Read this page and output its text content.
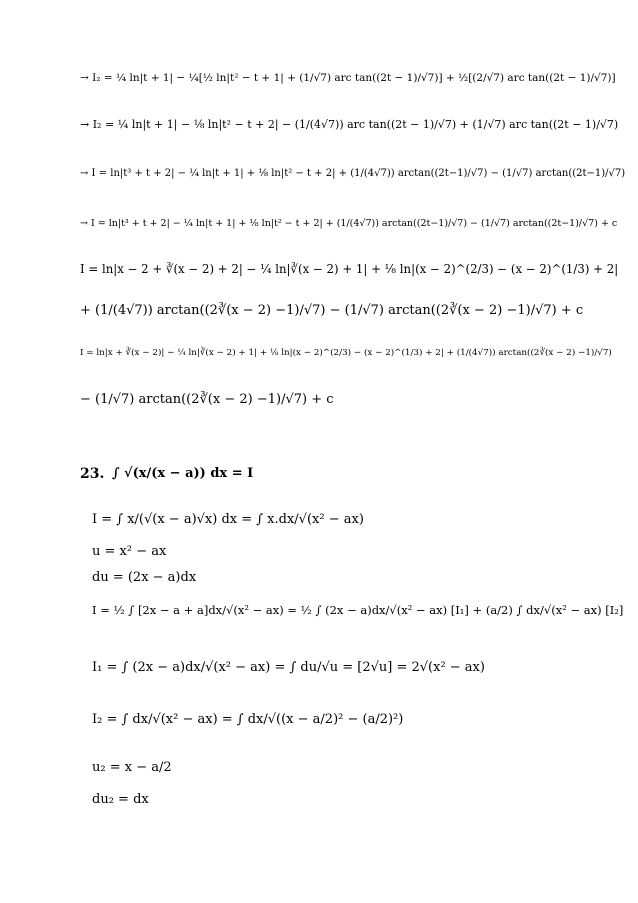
→ I₂ = ¼ ln|t + 1| − ¼[½ ln|t² − t + 1| + (1/√7) arc tan((2t − 1)/√7)] + ½[(2/√7) arc tan((2t − 1)/√7)]
→ I₂ = ¼ ln|t + 1| − ⅛ ln|t² − t + 2| − (1/(4√7)) arc tan((2t − 1)/√7) + (1/√7) arc tan((2t − 1)/√7)
→ I = ln|t³ + t + 2| − ¼ ln|t + 1| + ⅛ ln|t² − t + 2| + (1/(4√7)) arctan((2t−1)/√7) − (1/√7) arctan((2t−1)/√7)
→ I = ln|t³ + t + 2| − ¼ ln|t + 1| + ⅛ ln|t² − t + 2| + (1/(4√7)) arctan((2t−1)/√7) − (1/√7) arctan((2t−1)/√7) + c
I = ln|x − 2 + ∛(x − 2) + 2| − ¼ ln|∛(x − 2) + 1| + ⅛ ln|(x − 2)^(2/3) − (x − 2)^(1/3) + 2|
+ (1/(4√7)) arctan((2∛(x − 2) −1)/√7) − (1/√7) arctan((2∛(x − 2) −1)/√7) + c
I = ln|x + ∛(x − 2)| − ¼ ln|∛(x − 2) + 1| + ⅛ ln|(x − 2)^(2/3) − (x − 2)^(1/3) + 2| + (1/(4√7)) arctan((2∛(x − 2) −1)/√7)
− (1/√7) arctan((2∛(x − 2) −1)/√7) + c
23. ∫ √(x/(x − a)) dx = I
I = ∫ x/(√(x − a)√x) dx = ∫ x.dx/√(x² − ax)
u = x² − ax
du = (2x − a)dx
I = ½ ∫ [2x − a + a]dx/√(x² − ax) = ½ ∫ (2x − a)dx/√(x² − ax) [I₁] + (a/2) ∫ dx/√(x² − ax) [I₂]
I₁ = ∫ (2x − a)dx/√(x² − ax) = ∫ du/√u = [2√u] = 2√(x² − ax)
I₂ = ∫ dx/√(x² − ax) = ∫ dx/√((x − a/2)² − (a/2)²)
u₂ = x − a/2
du₂ = dx
